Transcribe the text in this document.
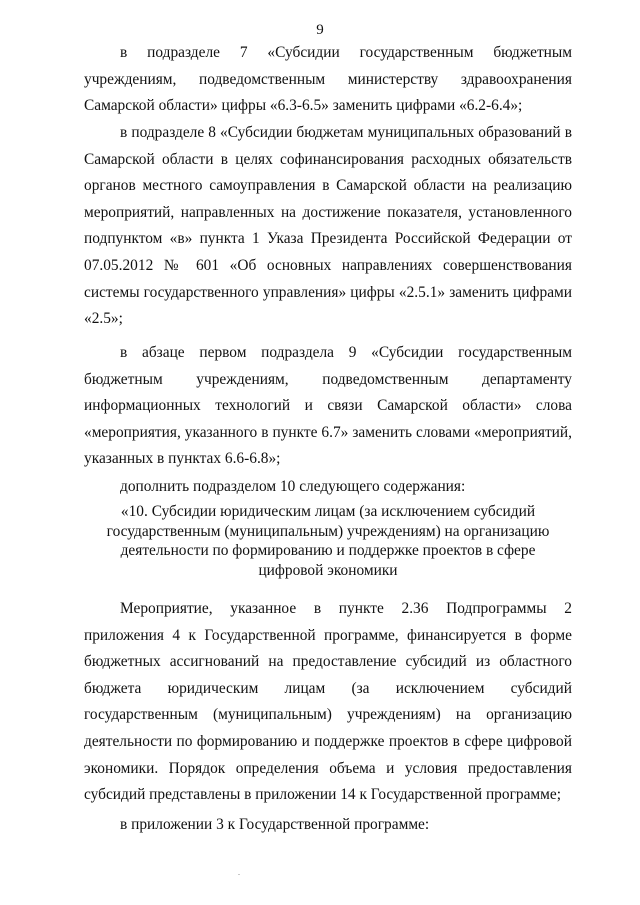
9

в подразделе 7 «Субсидии государственным бюджетным учреждениям, подведомственным министерству здравоохранения Самарской области» цифры «6.3-6.5» заменить цифрами «6.2-6.4»;

в подразделе 8 «Субсидии бюджетам муниципальных образований в Самарской области в целях софинансирования расходных обязательств органов местного самоуправления в Самарской области на реализацию мероприятий, направленных на достижение показателя, установленного подпунктом «в» пункта 1 Указа Президента Российской Федерации от 07.05.2012 № 601 «Об основных направлениях совершенствования системы государственного управления» цифры «2.5.1» заменить цифрами «2.5»;

в абзаце первом подраздела 9 «Субсидии государственным бюджетным учреждениям, подведомственным департаменту информационных технологий и связи Самарской области» слова «мероприятия, указанного в пункте 6.7» заменить словами «мероприятий, указанных в пунктах 6.6-6.8»;

дополнить подразделом 10 следующего содержания:

«10. Субсидии юридическим лицам (за исключением субсидий государственным (муниципальным) учреждениям) на организацию деятельности по формированию и поддержке проектов в сфере цифровой экономики

Мероприятие, указанное в пункте 2.36 Подпрограммы 2 приложения 4 к Государственной программе, финансируется в форме бюджетных ассигнований на предоставление субсидий из областного бюджета юридическим лицам (за исключением субсидий государственным (муниципальным) учреждениям) на организацию деятельности по формированию и поддержке проектов в сфере цифровой экономики. Порядок определения объема и условия предоставления субсидий представлены в приложении 14 к Государственной программе;

в приложении 3 к Государственной программе:
